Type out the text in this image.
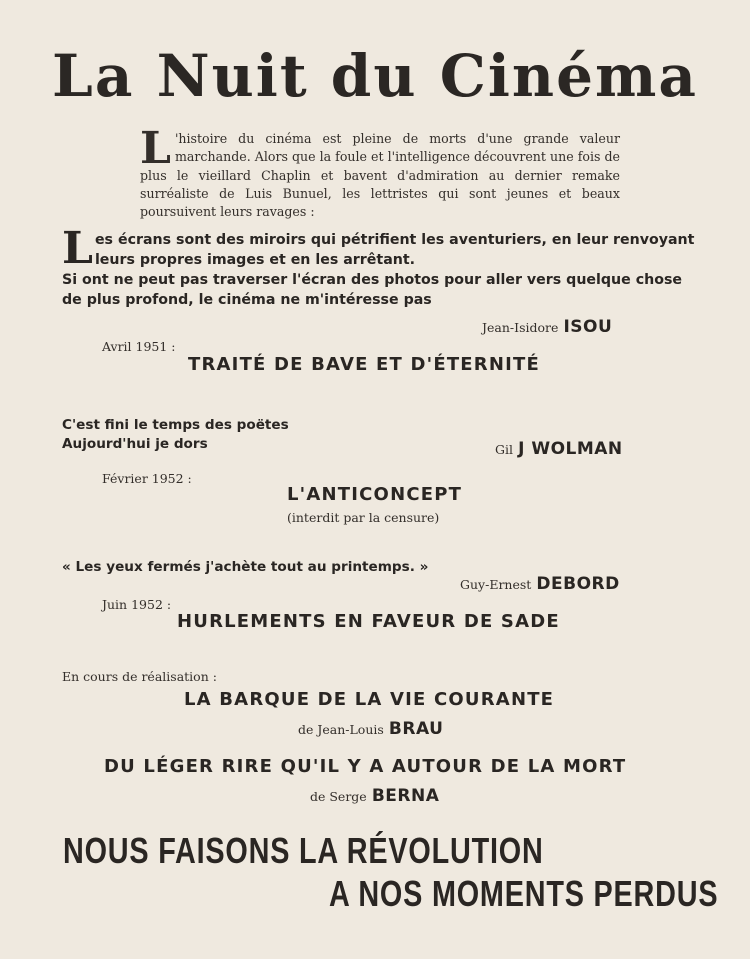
La Nuit du Cinéma
L 'histoire du cinéma est pleine de morts d'une grande valeur marchande. Alors que la foule et l'intelligence découvrent une fois de plus le vieillard Chaplin et bavent d'admiration au dernier remake surréaliste de Luis Bunuel, les lettristes qui sont jeunes et beaux poursuivent leurs ravages :
L es écrans sont des miroirs qui pétrifient les aventuriers, en leur renvoyant
leurs propres images et en les arrêtant.
Si ont ne peut pas traverser l'écran des photos pour aller vers quelque chose
de plus profond, le cinéma ne m'intéresse pas
Jean-Isidore ISOU
Avril 1951 :
TRAITÉ DE BAVE ET D'ÉTERNITÉ
C'est fini le temps des poëtes
Aujourd'hui je dors	Gil J WOLMAN
Février 1952 :
L'ANTICONCEPT
(interdit par la censure)
« Les yeux fermés j'achète tout au printemps. »
Guy-Ernest DEBORD
Juin 1952 :
HURLEMENTS EN FAVEUR DE SADE
En cours de réalisation :
LA BARQUE DE LA VIE COURANTE
de Jean-Louis BRAU
DU LÉGER RIRE QU'IL Y A AUTOUR DE LA MORT
de Serge BERNA
NOUS FAISONS LA RÉVOLUTION
A NOS MOMENTS PERDUS
